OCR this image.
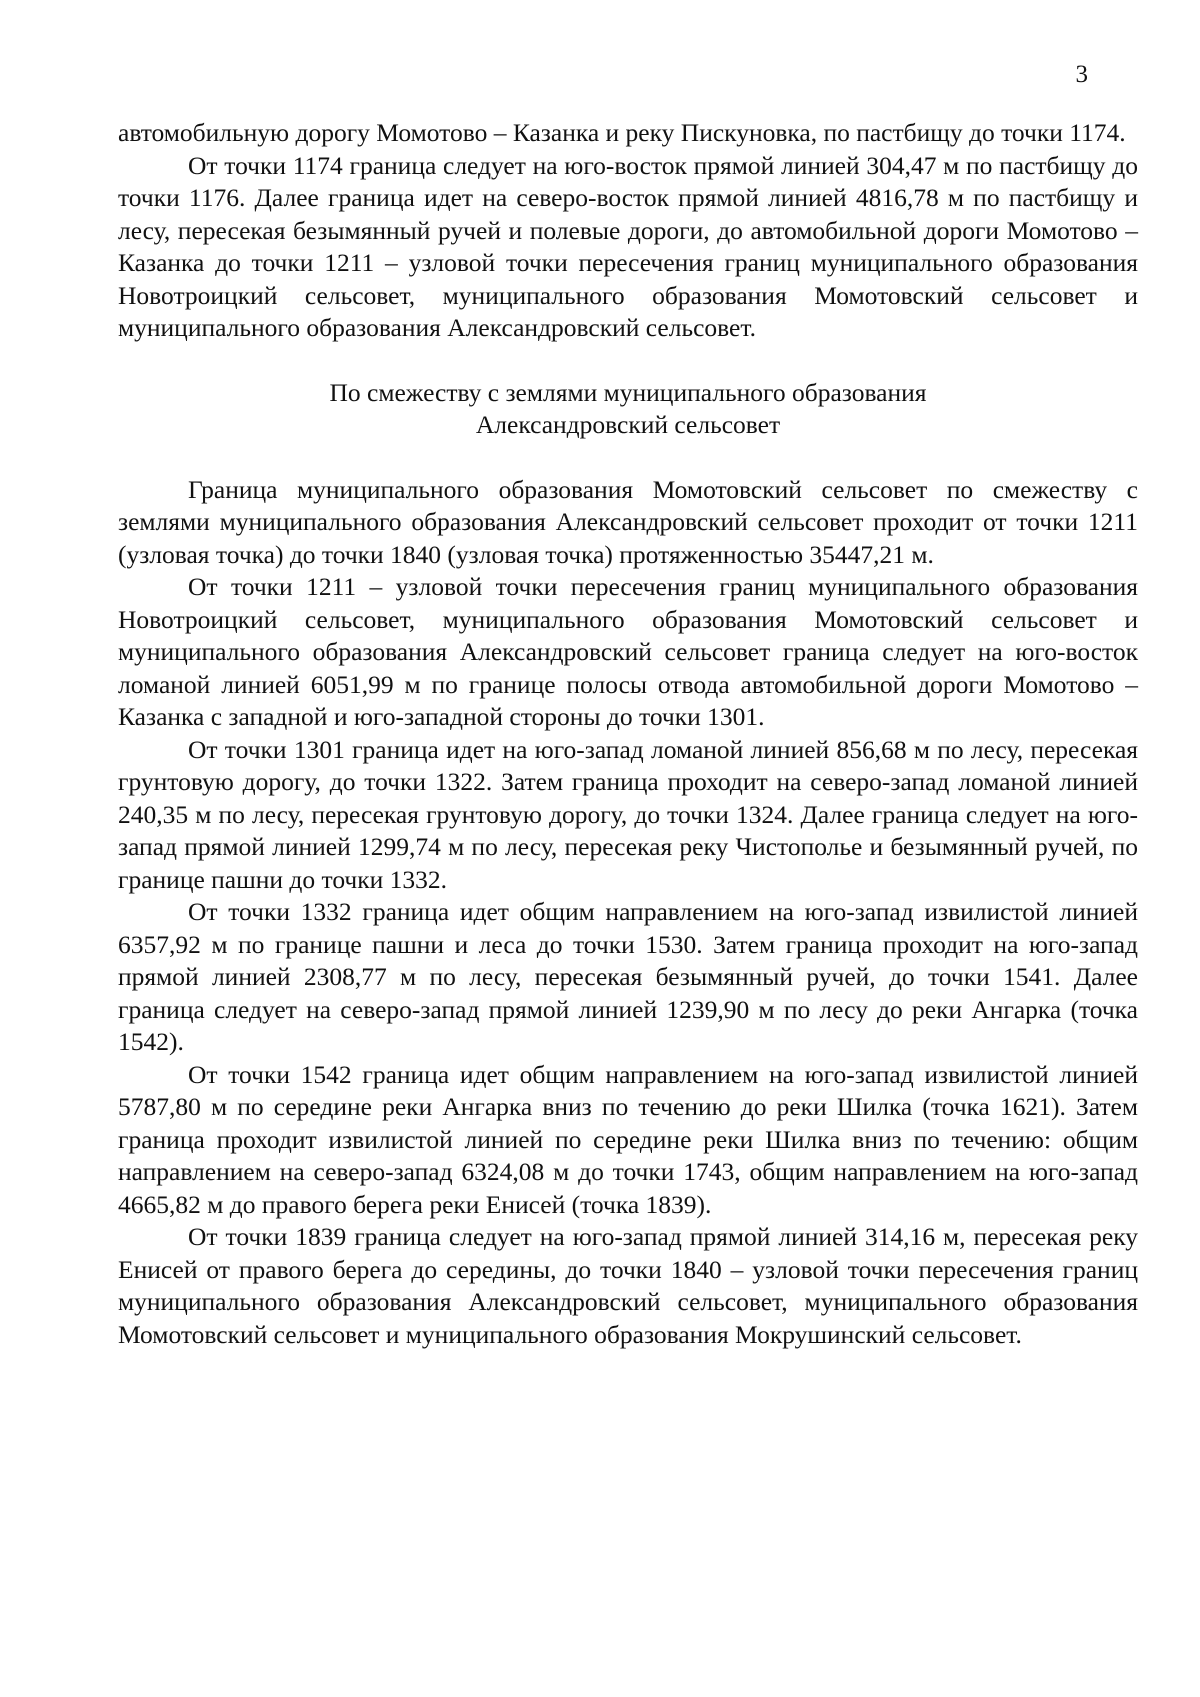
3

автомобильную дорогу Момотово – Казанка и реку Пискуновка, по пастбищу до точки 1174.

От точки 1174 граница следует на юго-восток прямой линией 304,47 м по пастбищу до точки 1176. Далее граница идет на северо-восток прямой линией 4816,78 м по пастбищу и лесу, пересекая безымянный ручей и полевые дороги, до автомобильной дороги Момотово – Казанка до точки 1211 – узловой точки пересечения границ муниципального образования Новотроицкий сельсовет, муниципального образования Момотовский сельсовет и муниципального образования Александровский сельсовет.

По смежеству с землями муниципального образования
Александровский сельсовет

Граница муниципального образования Момотовский сельсовет по смежеству с землями муниципального образования Александровский сельсовет проходит от точки 1211 (узловая точка) до точки 1840 (узловая точка) протяженностью 35447,21 м.

От точки 1211 – узловой точки пересечения границ муниципального образования Новотроицкий сельсовет, муниципального образования Момотовский сельсовет и муниципального образования Александровский сельсовет граница следует на юго-восток ломаной линией 6051,99 м по границе полосы отвода автомобильной дороги Момотово – Казанка с западной и юго-западной стороны до точки 1301.

От точки 1301 граница идет на юго-запад ломаной линией 856,68 м по лесу, пересекая грунтовую дорогу, до точки 1322. Затем граница проходит на северо-запад ломаной линией 240,35 м по лесу, пересекая грунтовую дорогу, до точки 1324. Далее граница следует на юго-запад прямой линией 1299,74 м по лесу, пересекая реку Чистополье и безымянный ручей, по границе пашни до точки 1332.

От точки 1332 граница идет общим направлением на юго-запад извилистой линией 6357,92 м по границе пашни и леса до точки 1530. Затем граница проходит на юго-запад прямой линией 2308,77 м по лесу, пересекая безымянный ручей, до точки 1541. Далее граница следует на северо-запад прямой линией 1239,90 м по лесу до реки Ангарка (точка 1542).

От точки 1542 граница идет общим направлением на юго-запад извилистой линией 5787,80 м по середине реки Ангарка вниз по течению до реки Шилка (точка 1621). Затем граница проходит извилистой линией по середине реки Шилка вниз по течению: общим направлением на северо-запад 6324,08 м до точки 1743, общим направлением на юго-запад 4665,82 м до правого берега реки Енисей (точка 1839).

От точки 1839 граница следует на юго-запад прямой линией 314,16 м, пересекая реку Енисей от правого берега до середины, до точки 1840 – узловой точки пересечения границ муниципального образования Александровский сельсовет, муниципального образования Момотовский сельсовет и муниципального образования Мокрушинский сельсовет.
